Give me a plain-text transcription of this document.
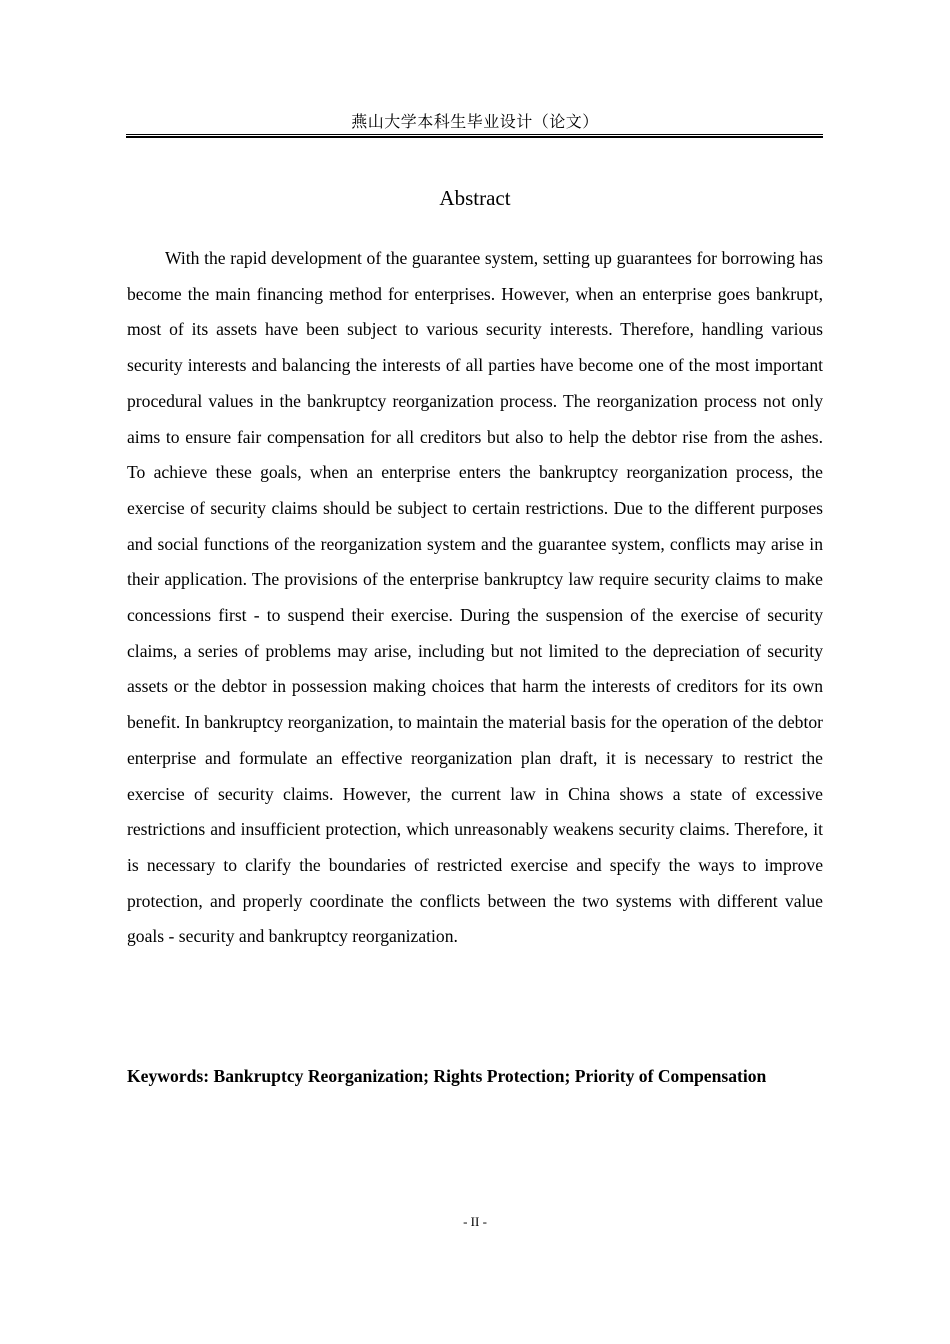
燕山大学本科生毕业设计（论文）
Abstract

With the rapid development of the guarantee system, setting up guarantees for borrowing has become the main financing method for enterprises. However, when an enterprise goes bankrupt, most of its assets have been subject to various security interests. Therefore, handling various security interests and balancing the interests of all parties have become one of the most important procedural values in the bankruptcy reorganization process. The reorganization process not only aims to ensure fair compensation for all creditors but also to help the debtor rise from the ashes. To achieve these goals, when an enterprise enters the bankruptcy reorganization process, the exercise of security claims should be subject to certain restrictions. Due to the different purposes and social functions of the reorganization system and the guarantee system, conflicts may arise in their application. The provisions of the enterprise bankruptcy law require security claims to make concessions first - to suspend their exercise. During the suspension of the exercise of security claims, a series of problems may arise, including but not limited to the depreciation of security assets or the debtor in possession making choices that harm the interests of creditors for its own benefit. In bankruptcy reorganization, to maintain the material basis for the operation of the debtor enterprise and formulate an effective reorganization plan draft, it is necessary to restrict the exercise of security claims. However, the current law in China shows a state of excessive restrictions and insufficient protection, which unreasonably weakens security claims. Therefore, it is necessary to clarify the boundaries of restricted exercise and specify the ways to improve protection, and properly coordinate the conflicts between the two systems with different value goals - security and bankruptcy reorganization.

Keywords: Bankruptcy Reorganization; Rights Protection; Priority of Compensation

- II -
